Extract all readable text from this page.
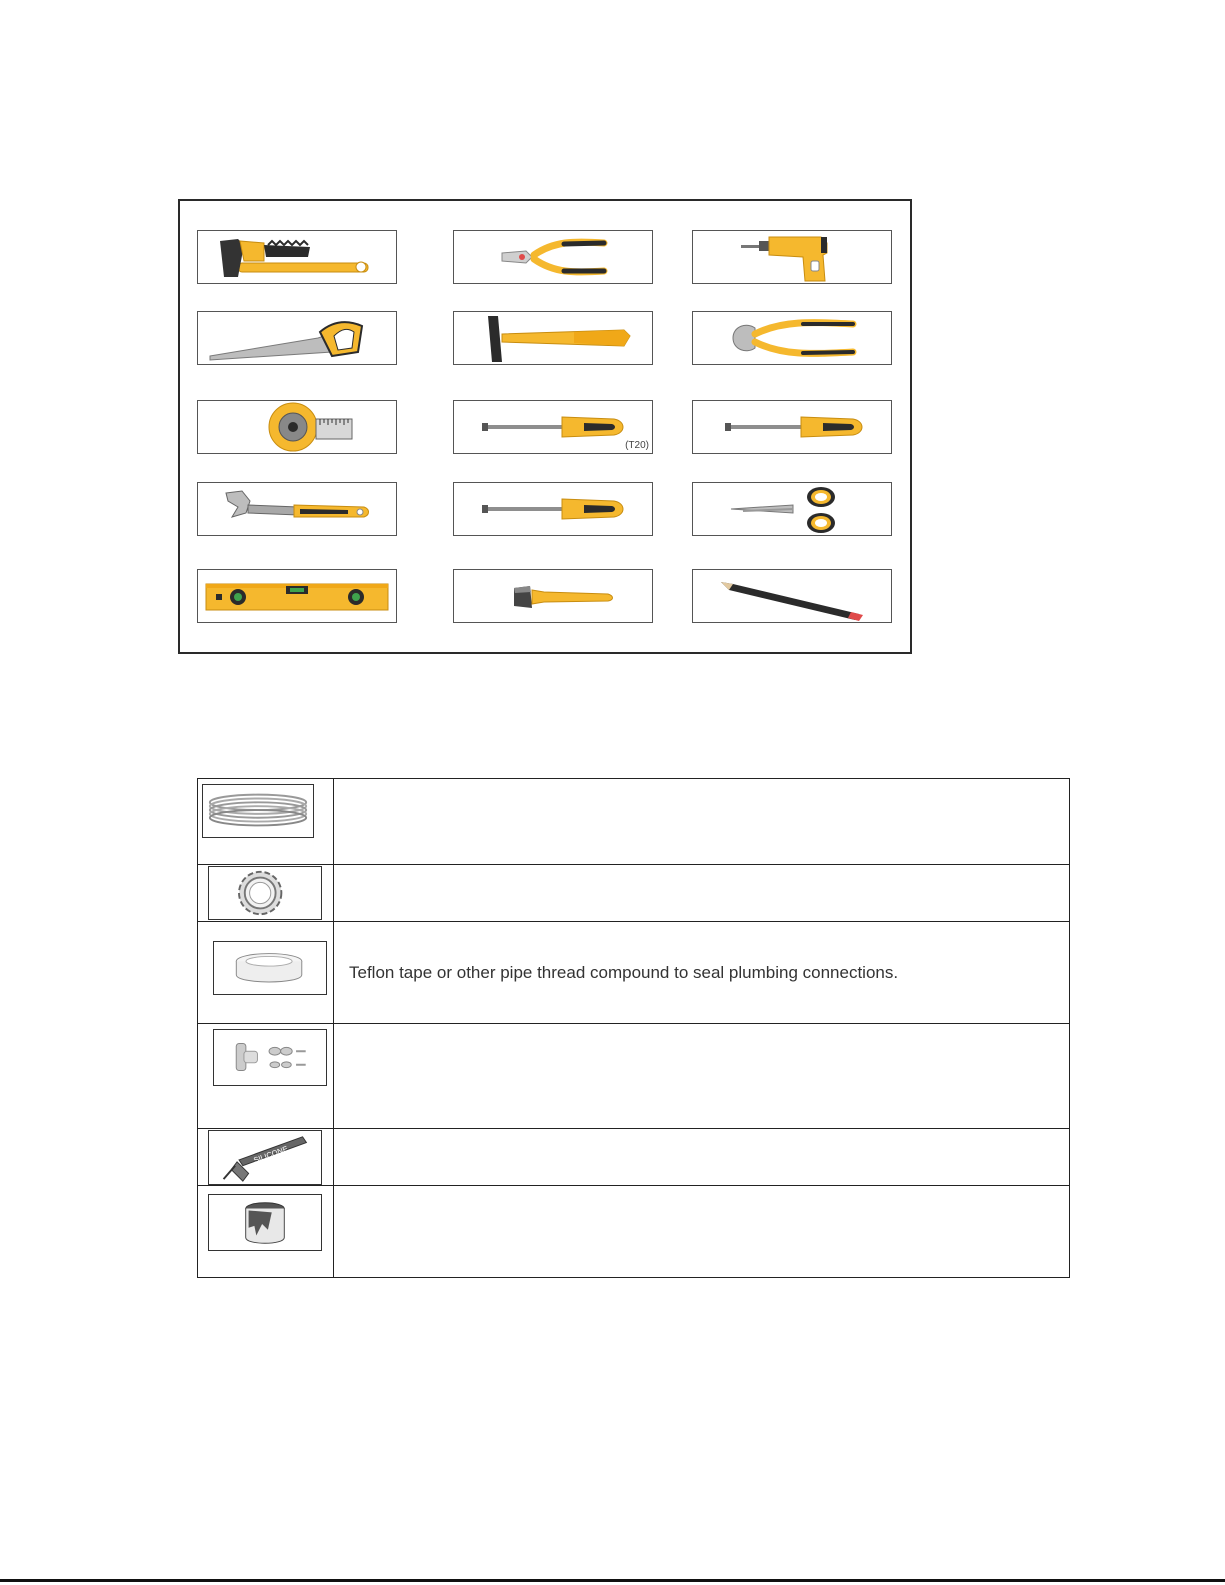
(T20)

	Teflon tape or other pipe thread compound to seal plumbing connections.

SILICONE	
